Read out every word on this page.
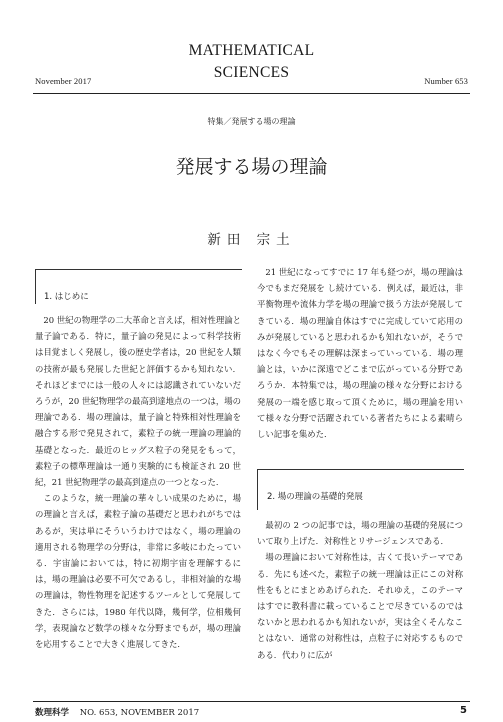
MATHEMATICAL
SCIENCES
November 2017	Number 653
特集／発展する場の理論
発展する場の理論
新田 宗土
1. はじめに

20 世紀の物理学の二大革命と言えば，相対性理論と量子論である．特に，量子論の発見によって科学技術は目覚ましく発展し，後の歴史学者は，20 世紀を人類の技術が最も発展した世紀と評価するかも知れない．それほどまでには一般の人々には認識されていないだろうが，20 世紀物理学の最高到達地点の一つは，場の理論である．場の理論は，量子論と特殊相対性理論を融合する形で発見されて，素粒子の統一理論の理論的基礎となった．最近のヒッグス粒子の発見をもって，素粒子の標準理論は一通り実験的にも検証され 20 世紀，21 世紀物理学の最高到達点の一つとなった．

このような，統一理論の華々しい成果のために，場の理論と言えば，素粒子論の基礎だと思われがちではあるが，実は単にそういうわけではなく，場の理論の適用される物理学の分野は，非常に多岐にわたっている．宇宙論においては，特に初期宇宙を理解するには，場の理論は必要不可欠であるし，非相対論的な場の理論は，物性物理を記述するツールとして発展してきた．さらには，1980 年代以降，幾何学，位相幾何学，表現論など数学の様々な分野までもが，場の理論を応用することで大きく進展してきた．

21 世紀になってすでに 17 年も経つが，場の理論は今でもまだ発展を し続けている．例えば，最近は，非平衡物理や流体力学を場の理論で扱う方法が発展してきている．場の理論自体はすでに完成していて応用のみが発展していると思われるかも知れないが，そうではなく今でもその理解は深まっていっている．場の理論とは，いかに深遠でどこまで広がっている分野であろうか．本特集では，場の理論の様々な分野における発展の一端を感じ取って頂くために，場の理論を用いて様々な分野で活躍されている著者たちによる素晴らしい記事を集めた．

2. 場の理論の基礎的発展

最初の 2 つの記事では，場の理論の基礎的発展について取り上げた．対称性とリサージェンスである．

場の理論において対称性は，古くて長いテーマである．先にも述べた，素粒子の統一理論は正にこの対称性をもとにまとめあげられた．それゆえ，このテーマはすでに教科書に載っていることで尽きているのではないかと思われるかも知れないが，実は全くそんなことはない．通常の対称性は，点粒子に対応するものである．代わりに広が

数理科学 NO. 653, NOVEMBER 2017	5
